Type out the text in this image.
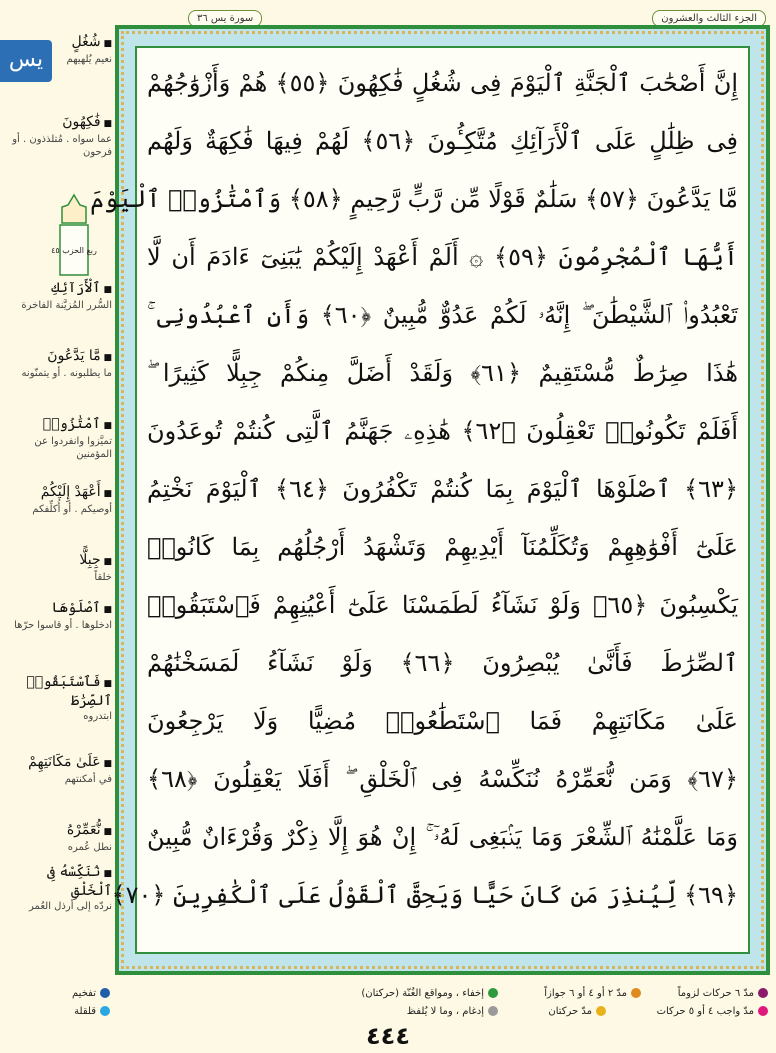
الجزء الثالث والعشرون
سورة يس ٣٦
إِنَّ أَصْحَٰبَ ٱلْجَنَّةِ ٱلْيَوْمَ فِى شُغُلٍ فَٰكِهُونَ ﴿٥٥﴾ هُمْ وَأَزْوَٰجُهُمْ
فِى ظِلَٰلٍ عَلَى ٱلْأَرَآئِكِ مُتَّكِـُٔونَ ﴿٥٦﴾ لَهُمْ فِيهَا فَٰكِهَةٌ وَلَهُم
مَّا يَدَّعُونَ ﴿٥٧﴾ سَلَٰمٌ قَوْلًا مِّن رَّبٍّ رَّحِيمٍ ﴿٥٨﴾ وَٱمْتَٰزُوا۟ ٱلْيَوْمَ
أَيُّهَا ٱلْمُجْرِمُونَ ﴿٥٩﴾ ۞ أَلَمْ أَعْهَدْ إِلَيْكُمْ يَٰبَنِىٓ ءَادَمَ أَن لَّا
تَعْبُدُوا۟ ٱلشَّيْطَٰنَ ۖ إِنَّهُۥ لَكُمْ عَدُوٌّ مُّبِينٌ ﴿٦٠﴾ وَأَنِ ٱعْبُدُونِى ۚ
هَٰذَا صِرَٰطٌ مُّسْتَقِيمٌ ﴿٦١﴾ وَلَقَدْ أَضَلَّ مِنكُمْ جِبِلًّا كَثِيرًا ۖ
أَفَلَمْ تَكُونُوا۟ تَعْقِلُونَ ﴿٦٢﴾ هَٰذِهِۦ جَهَنَّمُ ٱلَّتِى كُنتُمْ تُوعَدُونَ
﴿٦٣﴾ ٱصْلَوْهَا ٱلْيَوْمَ بِمَا كُنتُمْ تَكْفُرُونَ ﴿٦٤﴾ ٱلْيَوْمَ نَخْتِمُ
عَلَىٰٓ أَفْوَٰهِهِمْ وَتُكَلِّمُنَآ أَيْدِيهِمْ وَتَشْهَدُ أَرْجُلُهُم بِمَا كَانُوا۟
يَكْسِبُونَ ﴿٦٥﴾ وَلَوْ نَشَآءُ لَطَمَسْنَا عَلَىٰٓ أَعْيُنِهِمْ فَٱسْتَبَقُوا۟
ٱلصِّرَٰطَ فَأَنَّىٰ يُبْصِرُونَ ﴿٦٦﴾ وَلَوْ نَشَآءُ لَمَسَخْنَٰهُمْ
عَلَىٰ مَكَانَتِهِمْ فَمَا ٱسْتَطَٰعُوا۟ مُضِيًّا وَلَا يَرْجِعُونَ
﴿٦٧﴾ وَمَن نُّعَمِّرْهُ نُنَكِّسْهُ فِى ٱلْخَلْقِ ۖ أَفَلَا يَعْقِلُونَ ﴿٦٨﴾
وَمَا عَلَّمْنَٰهُ ٱلشِّعْرَ وَمَا يَنۢبَغِى لَهُۥٓ ۚ إِنْ هُوَ إِلَّا ذِكْرٌ وَقُرْءَانٌ مُّبِينٌ
﴿٦٩﴾ لِّيُنذِرَ مَن كَانَ حَيًّا وَيَحِقَّ ٱلْقَوْلُ عَلَى ٱلْكَٰفِرِينَ ﴿٧٠﴾
يس
ربع الحزب ٤٥
■ شُغُلٍ
نعيم يُلهيهم
■ فَٰكِهُونَ
عما سواه . مُتلذذون . أو فرحون
■ ٱلْأَرَآئِكِ
السُّرر المُزيَّنة الفاخرة
■ مَّا يَدَّعُونَ
ما يطلبونه . أو يتمنّونه
■ ٱمْتَٰزُوا۟
تميَّزوا وانفردوا عن المؤمنين
■ أَعْهَدْ إِلَيْكُمْ
أوصيكم . أو أُكلِّفكم
■ جِبِلًّا
خلقاً
■ ٱصْلَوْهَا
ادخلوها . أو قاسوا حرّها
■ فَٱسْتَبَقُوا۟ ٱلصِّرَٰطَ
ابتدروه
■ عَلَىٰ مَكَانَتِهِمْ
في أمكنتهم
■ نُّعَمِّرْهُ
نطل عُمره
■ نُنَكِّسْهُ فِى ٱلْخَلْقِ
نردّه إلى أرذل العُمر
مدّ ٦ حركات لزوماً
مدّ ٢ أو ٤ أو ٦ جوازاً
إخفاء ، ومواقع الغُنّة (حركتان)
تفخيم
مدّ واجب ٤ أو ٥ حركات
مدّ حركتان
إدغام ، وما لا يُلفظ
قلقلة
٤٤٤
